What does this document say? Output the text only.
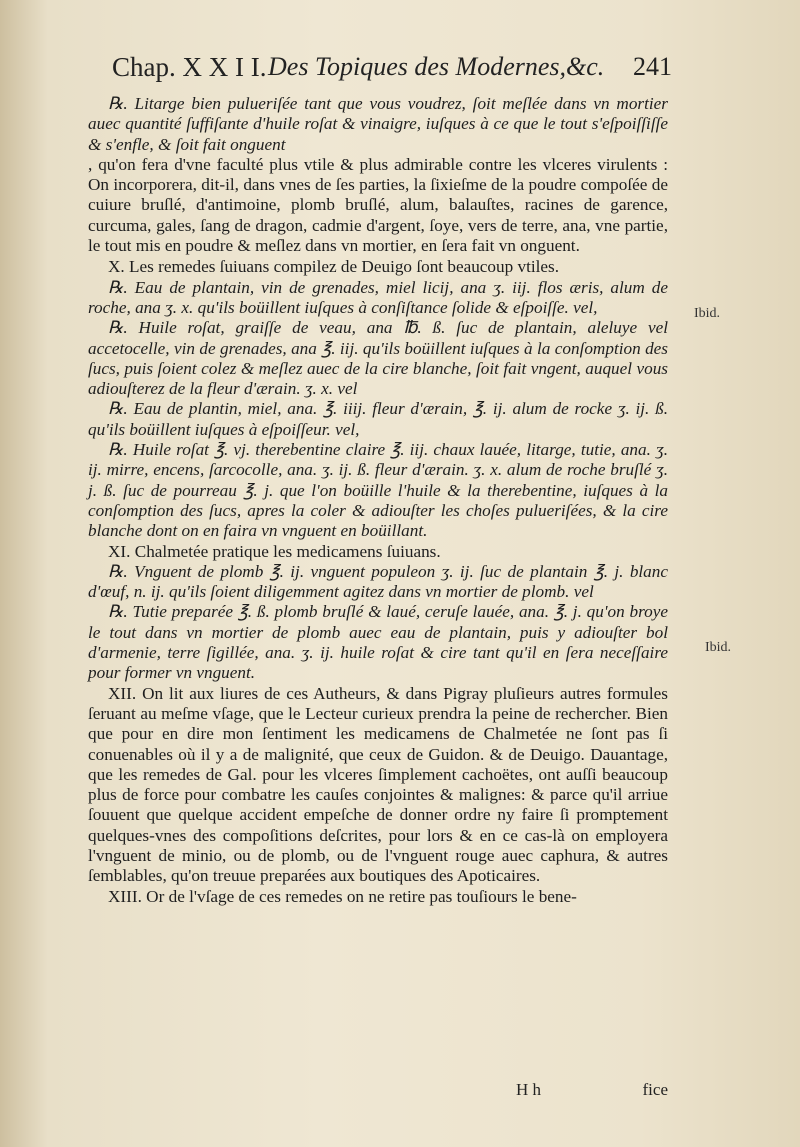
Chap. X X I I. Des Topiques des Modernes,&c. 241

℞. Litarge bien pulueriſée tant que vous voudrez, ſoit meſlée dans vn mortier auec quantité ſuffiſante d'huile roſat & vinaigre, iuſques à ce que le tout s'eſpoiſſiſſe & s'enfle, & ſoit fait onguent

, qu'on fera d'vne faculté plus vtile & plus admirable contre les vlceres virulents : On incorporera, dit-il, dans vnes de ſes parties, la ſixieſme de la poudre compoſée de cuiure bruſlé, d'antimoine, plomb bruſlé, alum, balauſtes, racines de garence, curcuma, gales, ſang de dragon, cadmie d'argent, ſoye, vers de terre, ana, vne partie, le tout mis en poudre & meſlez dans vn mortier, en ſera fait vn onguent.

X. Les remedes ſuiuans compilez de Deuigo ſont beaucoup vtiles.

℞. Eau de plantain, vin de grenades, miel licij, ana ʒ. iij. flos æris, alum de roche, ana ʒ. x. qu'ils boüillent iuſques à conſiſtance ſolide & eſpoiſſe. vel,

℞. Huile roſat, graiſſe de veau, ana ℔. ß. ſuc de plantain, aleluye vel accetocelle, vin de grenades, ana ℥. iij. qu'ils boüillent iuſques à la conſomption des ſucs, puis ſoient colez & meſlez auec de la cire blanche, ſoit fait vngent, auquel vous adiouſterez de la fleur d'ærain. ʒ. x. vel

℞. Eau de plantin, miel, ana. ℥. iiij. fleur d'ærain, ℥. ij. alum de rocke ʒ. ij. ß. qu'ils boüillent iuſques à eſpoiſſeur. vel,

℞. Huile roſat ℥. vj. therebentine claire ℥. iij. chaux lauée, litarge, tutie, ana. ʒ. ij. mirre, encens, ſarcocolle, ana. ʒ. ij. ß. fleur d'ærain. ʒ. x. alum de roche bruſlé ʒ. j. ß. ſuc de pourreau ℥. j. que l'on boüille l'huile & la therebentine, iuſques à la conſomption des ſucs, apres la coler & adiouſter les choſes pulueriſées, & la cire blanche dont on en faira vn vnguent en boüillant.

XI. Chalmetée pratique les medicamens ſuiuans.

℞. Vnguent de plomb ℥. ij. vnguent populeon ʒ. ij. ſuc de plantain ℥. j. blanc d'œuf, n. ij. qu'ils ſoient diligemment agitez dans vn mortier de plomb. vel

℞. Tutie preparée ℥. ß. plomb bruſlé & laué, ceruſe lauée, ana. ℥. j. qu'on broye le tout dans vn mortier de plomb auec eau de plantain, puis y adiouſter bol d'armenie, terre ſigillée, ana. ʒ. ij. huile roſat & cire tant qu'il en ſera neceſſaire pour former vn vnguent.

XII. On lit aux liures de ces Autheurs, & dans Pigray pluſieurs autres formules ſeruant au meſme vſage, que le Lecteur curieux prendra la peine de rechercher. Bien que pour en dire mon ſentiment les medicamens de Chalmetée ne ſont pas ſi conuenables où il y a de malignité, que ceux de Guidon. & de Deuigo. Dauantage, que les remedes de Gal. pour les vlceres ſimplement cachoëtes, ont auſſi beaucoup plus de force pour combatre les cauſes conjointes & malignes: & parce qu'il arriue ſouuent que quelque accident empeſche de donner ordre ny faire ſi promptement quelques-vnes des compoſitions deſcrites, pour lors & en ce cas-là on employera l'vnguent de minio, ou de plomb, ou de l'vnguent rouge auec caphura, & autres ſemblables, qu'on treuue preparées aux boutiques des Apoticaires.

XIII. Or de l'vſage de ces remedes on ne retire pas touſiours le bene-

Ibid.
Ibid.
H h	fice
